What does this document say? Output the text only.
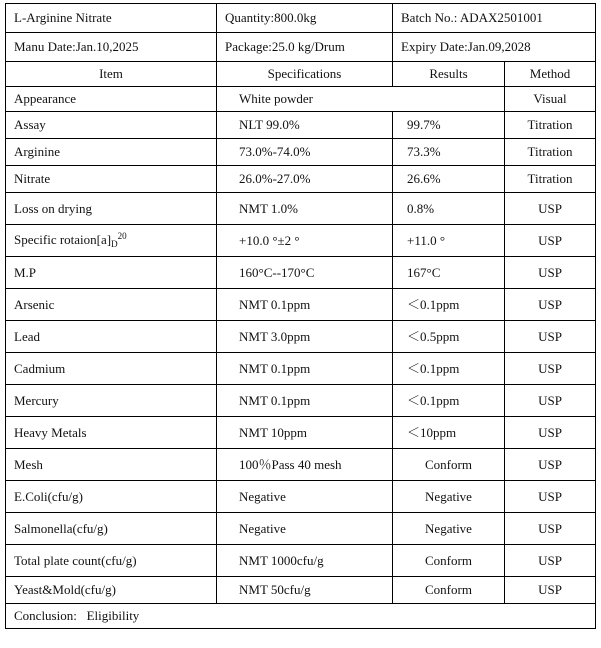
L-Arginine Nitrate	Quantity:800.0kg	Batch No.: ADAX2501001	
Manu Date:Jan.10,2025	Package:25.0 kg/Drum	Expiry Date:Jan.09,2028	
Item	Specifications	Results	Method
Appearance	White powder		Visual
Assay	NLT 99.0%	99.7%	Titration
Arginine	73.0%-74.0%	73.3%	Titration
Nitrate	26.0%-27.0%	26.6%	Titration
Loss on drying	NMT 1.0%	0.8%	USP
Specific $rotaion[a]_D^{20}$	+10.0 °±2 °	+11.0 °	USP
M.P	160°C--170°C	167°C	USP
Arsenic	NMT 0.1ppm	＜0.1ppm	USP
Lead	NMT 3.0ppm	＜0.5ppm	USP
Cadmium	NMT 0.1ppm	＜0.1ppm	USP
Mercury	NMT 0.1ppm	＜0.1ppm	USP
Heavy Metals	NMT 10ppm	＜10ppm	USP
Mesh	100％Pass 40 mesh	Conform	USP
E.Coli(cfu/g)	Negative	Negative	USP
Salmonella(cfu/g)	Negative	Negative	USP
Total plate count(cfu/g)	NMT 1000cfu/g	Conform	USP
Yeast&Mold(cfu/g)	NMT 50cfu/g	Conform	USP
Conclusion:   Eligibility			
